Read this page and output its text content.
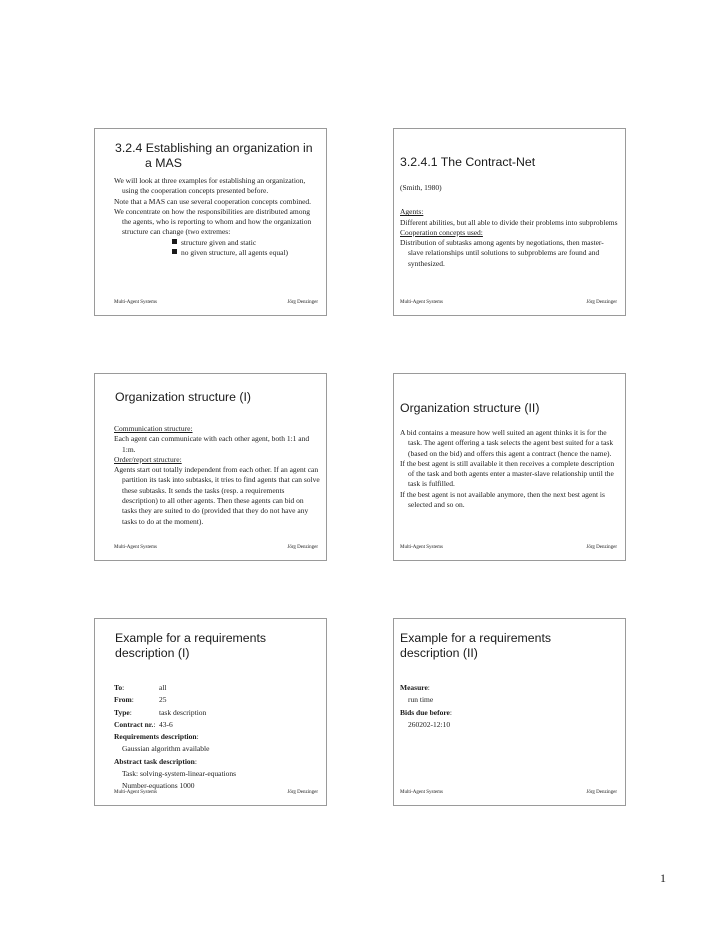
3.2.4 Establishing an organization in
a MAS

We will look at three examples for establishing an organization, using the cooperation concepts presented before.

Note that a MAS can use several cooperation concepts combined.

We concentrate on how the responsibilities are distributed among the agents, who is reporting to whom and how the organization structure can change (two extremes:

structure given and static

no given structure, all agents equal)

Multi-Agent Systems	Jörg Denzinger
3.2.4.1 The Contract-Net

(Smith, 1980)

Agents:

Different abilities, but all able to divide their problems into subproblems

Cooperation concepts used:

Distribution of subtasks among agents by negotiations, then master-slave relationships until solutions to subproblems are found and synthesized.

Multi-Agent Systems	Jörg Denzinger
Organization structure (I)

Communication structure:

Each agent can communicate with each other agent, both 1:1 and 1:m.

Order/report structure:

Agents start out totally independent from each other. If an agent can partition its task into subtasks, it tries to find agents that can solve these subtasks. It sends the tasks (resp. a requirements description) to all other agents. Then these agents can bid on tasks they are suited to do (provided that they do not have any tasks to do at the moment).

Multi-Agent Systems	Jörg Denzinger
Organization structure (II)

A bid contains a measure how well suited an agent thinks it is for the task. The agent offering a task selects the agent best suited for a task (based on the bid) and offers this agent a contract (hence the name).

If the best agent is still available it then receives a complete description of the task and both agents enter a master-slave relationship until the task is fulfilled.

If the best agent is not available anymore, then the next best agent is selected and so on.

Multi-Agent Systems	Jörg Denzinger
Example for a requirements
description (I)

To:	all

From:	25

Type:	task description

Contract nr.: 43-6

Requirements description:

Gaussian algorithm available

Abstract task description:

Task: solving-system-linear-equations

Number-equations 1000

Multi-Agent Systems	Jörg Denzinger
Example for a requirements
description (II)

Measure:

run time

Bids due before:

260202-12:10

Multi-Agent Systems	Jörg Denzinger
1
